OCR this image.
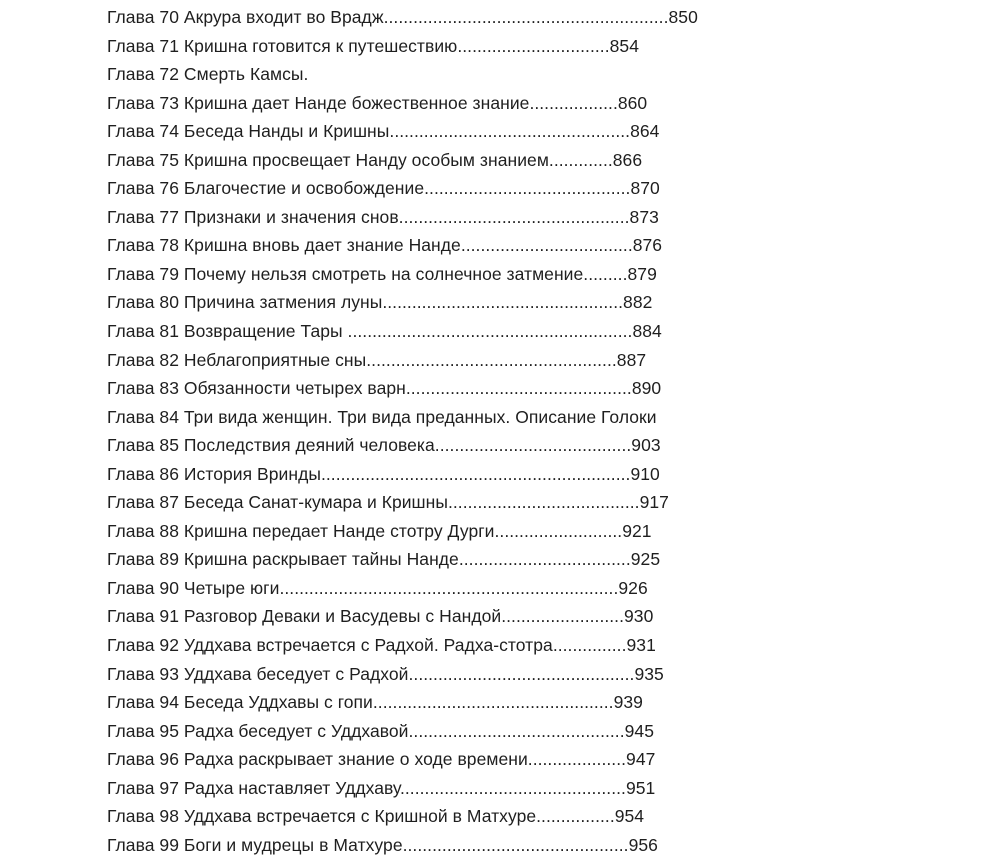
Глава 70 Акрура входит во Врадж..........................................................850
Глава 71 Кришна готовится к путешествию...............................854
Глава 72 Смерть Камсы.
Глава 73 Кришна дает Нанде божественное знание..................860
Глава 74 Беседа Нанды и Кришны.................................................864
Глава 75 Кришна просвещает Нанду особым знанием.............866
Глава 76 Благочестие и освобождение..........................................870
Глава 77 Признаки и значения снов...............................................873
Глава 78 Кришна вновь дает знание Нанде...................................876
Глава 79 Почему нельзя смотреть на солнечное затмение.........879
Глава 80 Причина затмения луны.................................................882
Глава 81 Возвращение Тары ..........................................................884
Глава 82 Неблагоприятные сны...................................................887
Глава 83 Обязанности четырех варн..............................................890
Глава 84 Три вида женщин. Три вида преданных. Описание Голоки
Глава 85 Последствия деяний человека........................................903
Глава 86 История Вринды...............................................................910
Глава 87 Беседа Санат-кумара и Кришны.......................................917
Глава 88 Кришна передает Нанде стотру Дурги..........................921
Глава 89 Кришна раскрывает тайны Нанде...................................925
Глава 90 Четыре юги.....................................................................926
Глава 91 Разговор Деваки и Васудевы с Нандой.........................930
Глава 92 Уддхава встречается с Радхой. Радха-стотра...............931
Глава 93 Уддхава беседует с Радхой..............................................935
Глава 94 Беседа Уддхавы с гопи.................................................939
Глава 95 Радха беседует с Уддхавой............................................945
Глава 96 Радха раскрывает знание о ходе времени....................947
Глава 97 Радха наставляет Уддхаву..............................................951
Глава 98 Уддхава встречается с Кришной в Матхуре................954
Глава 99 Боги и мудрецы в Матхуре..............................................956
